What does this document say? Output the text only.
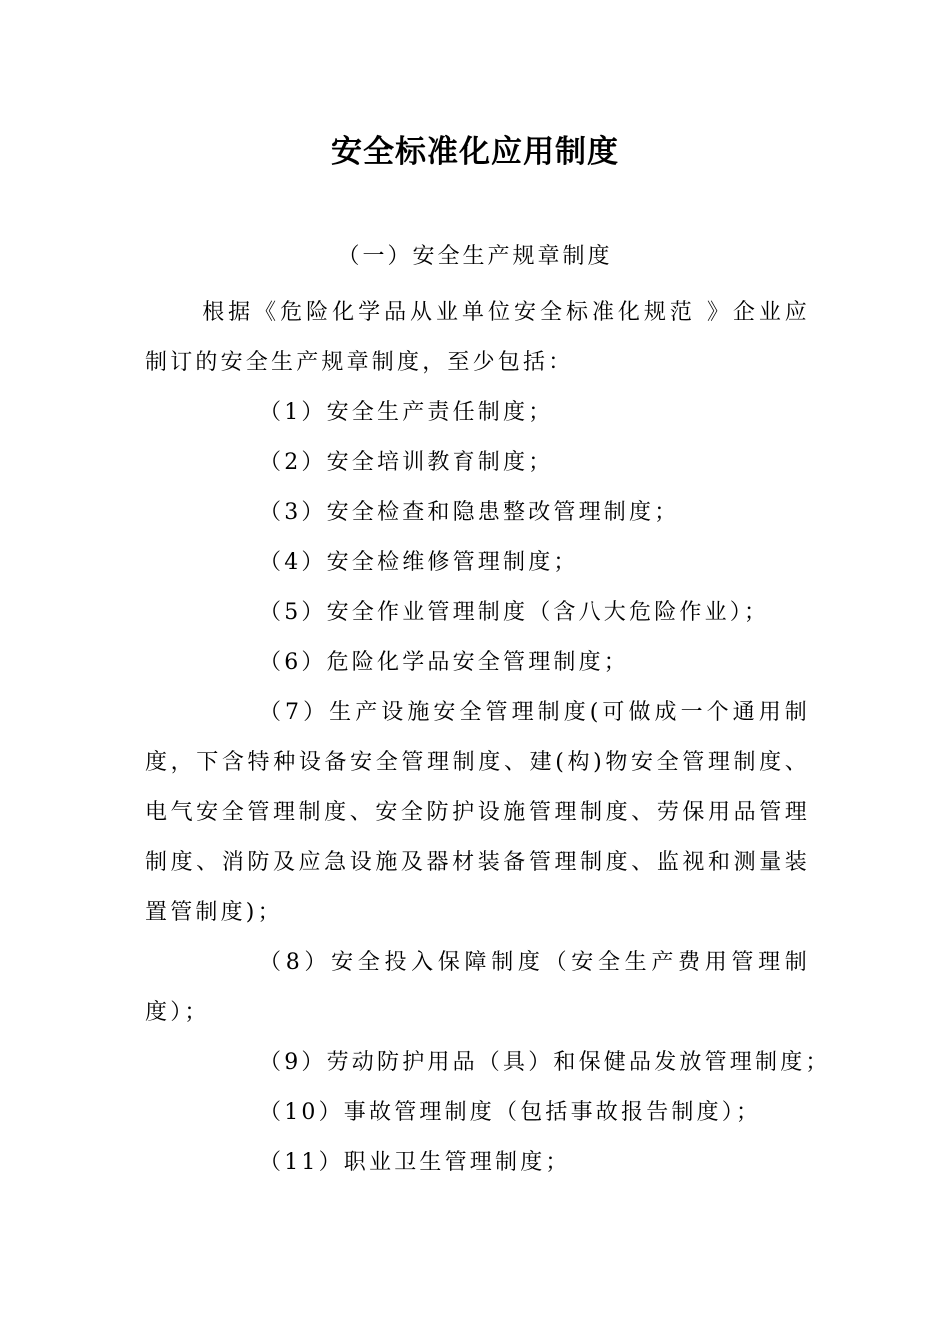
安全标准化应用制度
（一）安全生产规章制度

根据《危险化学品从业单位安全标准化规范 》企业应制订的安全生产规章制度，至少包括：

（1）安全生产责任制度；

（2）安全培训教育制度；

（3）安全检查和隐患整改管理制度；

（4）安全检维修管理制度；

（5）安全作业管理制度（含八大危险作业）；

（6）危险化学品安全管理制度；

（7）生产设施安全管理制度(可做成一个通用制度，下含特种设备安全管理制度、建(构)物安全管理制度、电气安全管理制度、安全防护设施管理制度、劳保用品管理制度、消防及应急设施及器材装备管理制度、监视和测量装置管制度)；

（8）安全投入保障制度（安全生产费用管理制度）；

（9）劳动防护用品（具）和保健品发放管理制度；

（10）事故管理制度（包括事故报告制度）；

（11）职业卫生管理制度；
